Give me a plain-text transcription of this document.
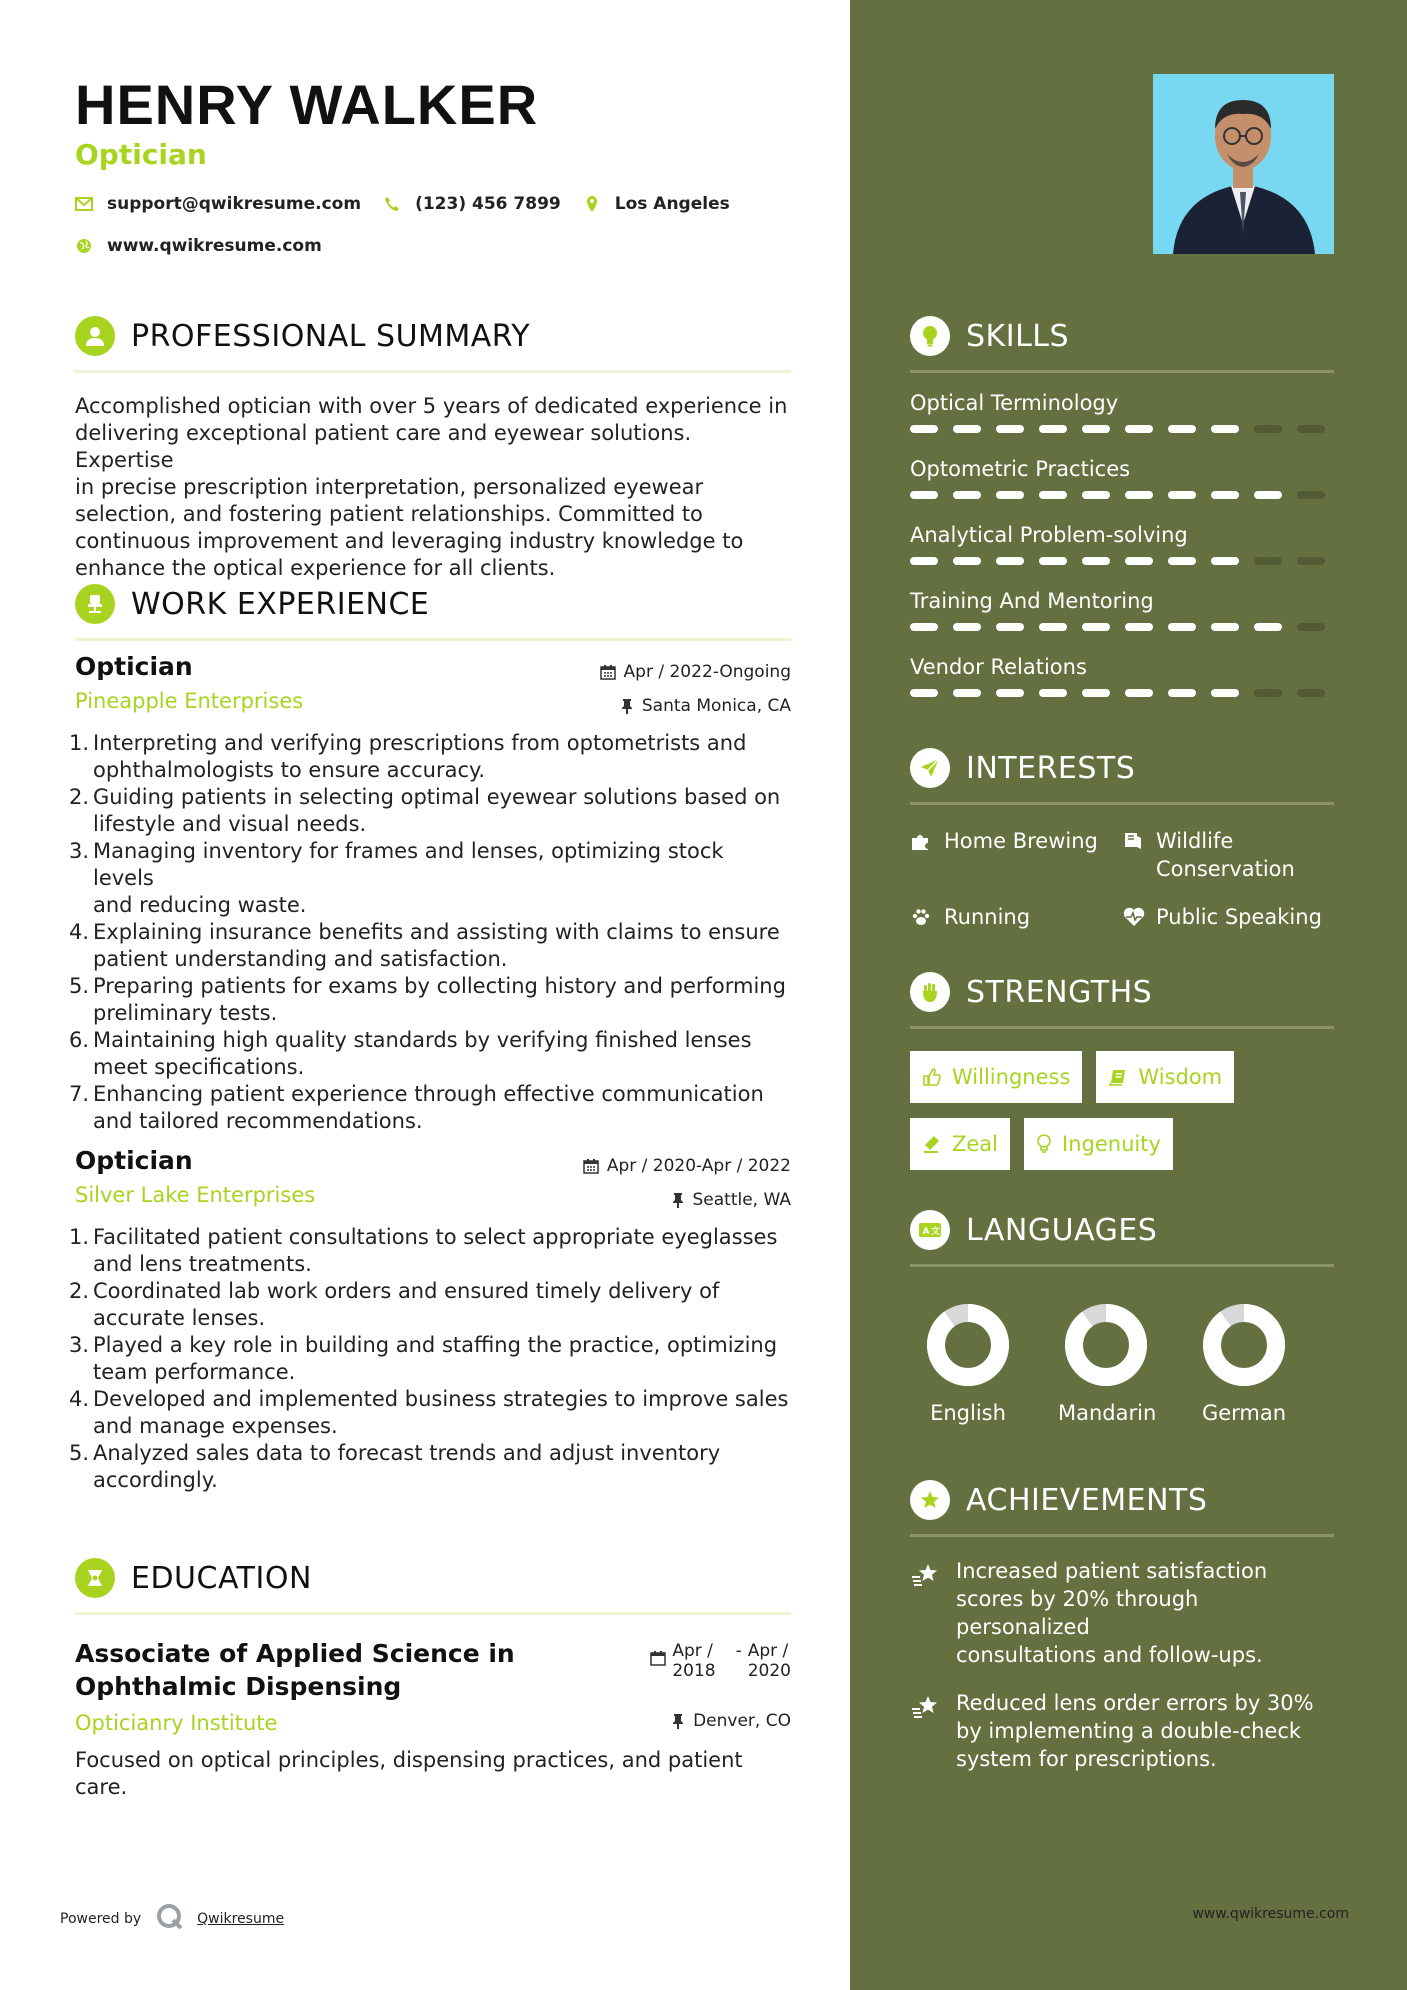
HENRY WALKER
Optician
support@qwikresume.com	(123) 456 7899	Los Angeles
www.qwikresume.com
PROFESSIONAL SUMMARY
Accomplished optician with over 5 years of dedicated experience in
delivering exceptional patient care and eyewear solutions. Expertise
in precise prescription interpretation, personalized eyewear
selection, and fostering patient relationships. Committed to
continuous improvement and leveraging industry knowledge to
enhance the optical experience for all clients.
WORK EXPERIENCE
Optician
Pineapple Enterprises
Apr / 2022-Ongoing
Santa Monica, CA
1. Interpreting and verifying prescriptions from optometrists and
ophthalmologists to ensure accuracy.
2. Guiding patients in selecting optimal eyewear solutions based on
lifestyle and visual needs.
3. Managing inventory for frames and lenses, optimizing stock levels
and reducing waste.
4. Explaining insurance benefits and assisting with claims to ensure
patient understanding and satisfaction.
5. Preparing patients for exams by collecting history and performing
preliminary tests.
6. Maintaining high quality standards by verifying finished lenses
meet specifications.
7. Enhancing patient experience through effective communication
and tailored recommendations.
Optician
Silver Lake Enterprises
Apr / 2020-Apr / 2022
Seattle, WA
1. Facilitated patient consultations to select appropriate eyeglasses
and lens treatments.
2. Coordinated lab work orders and ensured timely delivery of
accurate lenses.
3. Played a key role in building and staffing the practice, optimizing
team performance.
4. Developed and implemented business strategies to improve sales
and manage expenses.
5. Analyzed sales data to forecast trends and adjust inventory
accordingly.
EDUCATION
Associate of Applied Science in
Ophthalmic Dispensing
Opticianry Institute
Apr /
2018
- Apr /
2020
Denver, CO
Focused on optical principles, dispensing practices, and patient
care.
Powered by	Qwikresume
SKILLS
Optical Terminology
Optometric Practices
Analytical Problem-solving
Training And Mentoring
Vendor Relations
INTERESTS
Home Brewing	Wildlife
Conservation
Running	Public Speaking
STRENGTHS
Willingness	Wisdom
Zeal	Ingenuity
A 文 LANGUAGES
English	Mandarin German
ACHIEVEMENTS
Increased patient satisfaction
scores by 20% through personalized
consultations and follow-ups.
Reduced lens order errors by 30%
by implementing a double-check
system for prescriptions.
www.qwikresume.com
